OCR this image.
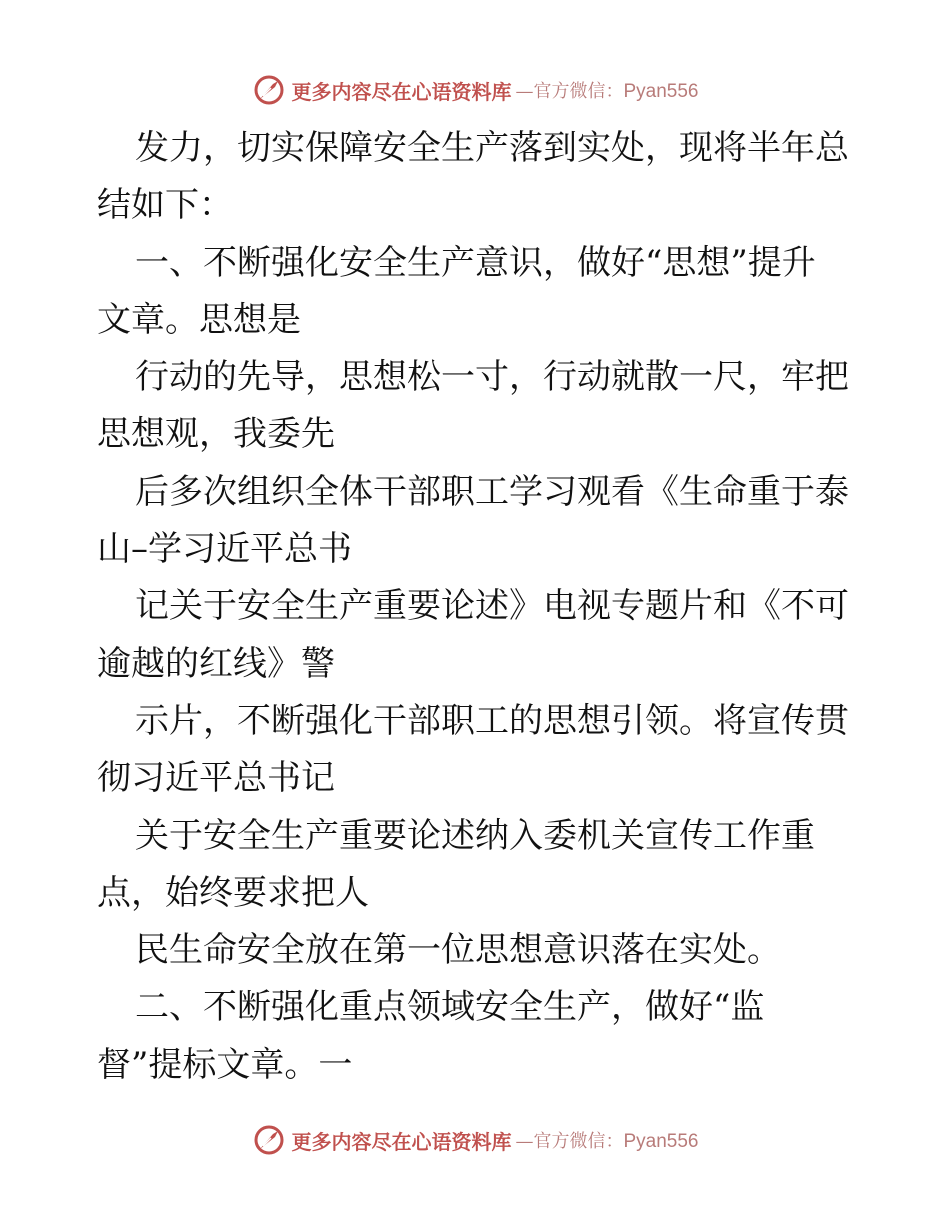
更多内容尽在心语资料库 —官方微信：Pyan556
发力，切实保障安全生产落到实处，现将半年总
结如下：
一、不断强化安全生产意识，做好“思想”提升
文章。思想是
行动的先导，思想松一寸，行动就散一尺，牢把
思想观，我委先
后多次组织全体干部职工学习观看《生命重于泰
山–学习近平总书
记关于安全生产重要论述》电视专题片和《不可
逾越的红线》警
示片，不断强化干部职工的思想引领。将宣传贯
彻习近平总书记
关于安全生产重要论述纳入委机关宣传工作重
点，始终要求把人
民生命安全放在第一位思想意识落在实处。
二、不断强化重点领域安全生产，做好“监
督”提标文章。一
更多内容尽在心语资料库 —官方微信：Pyan556
